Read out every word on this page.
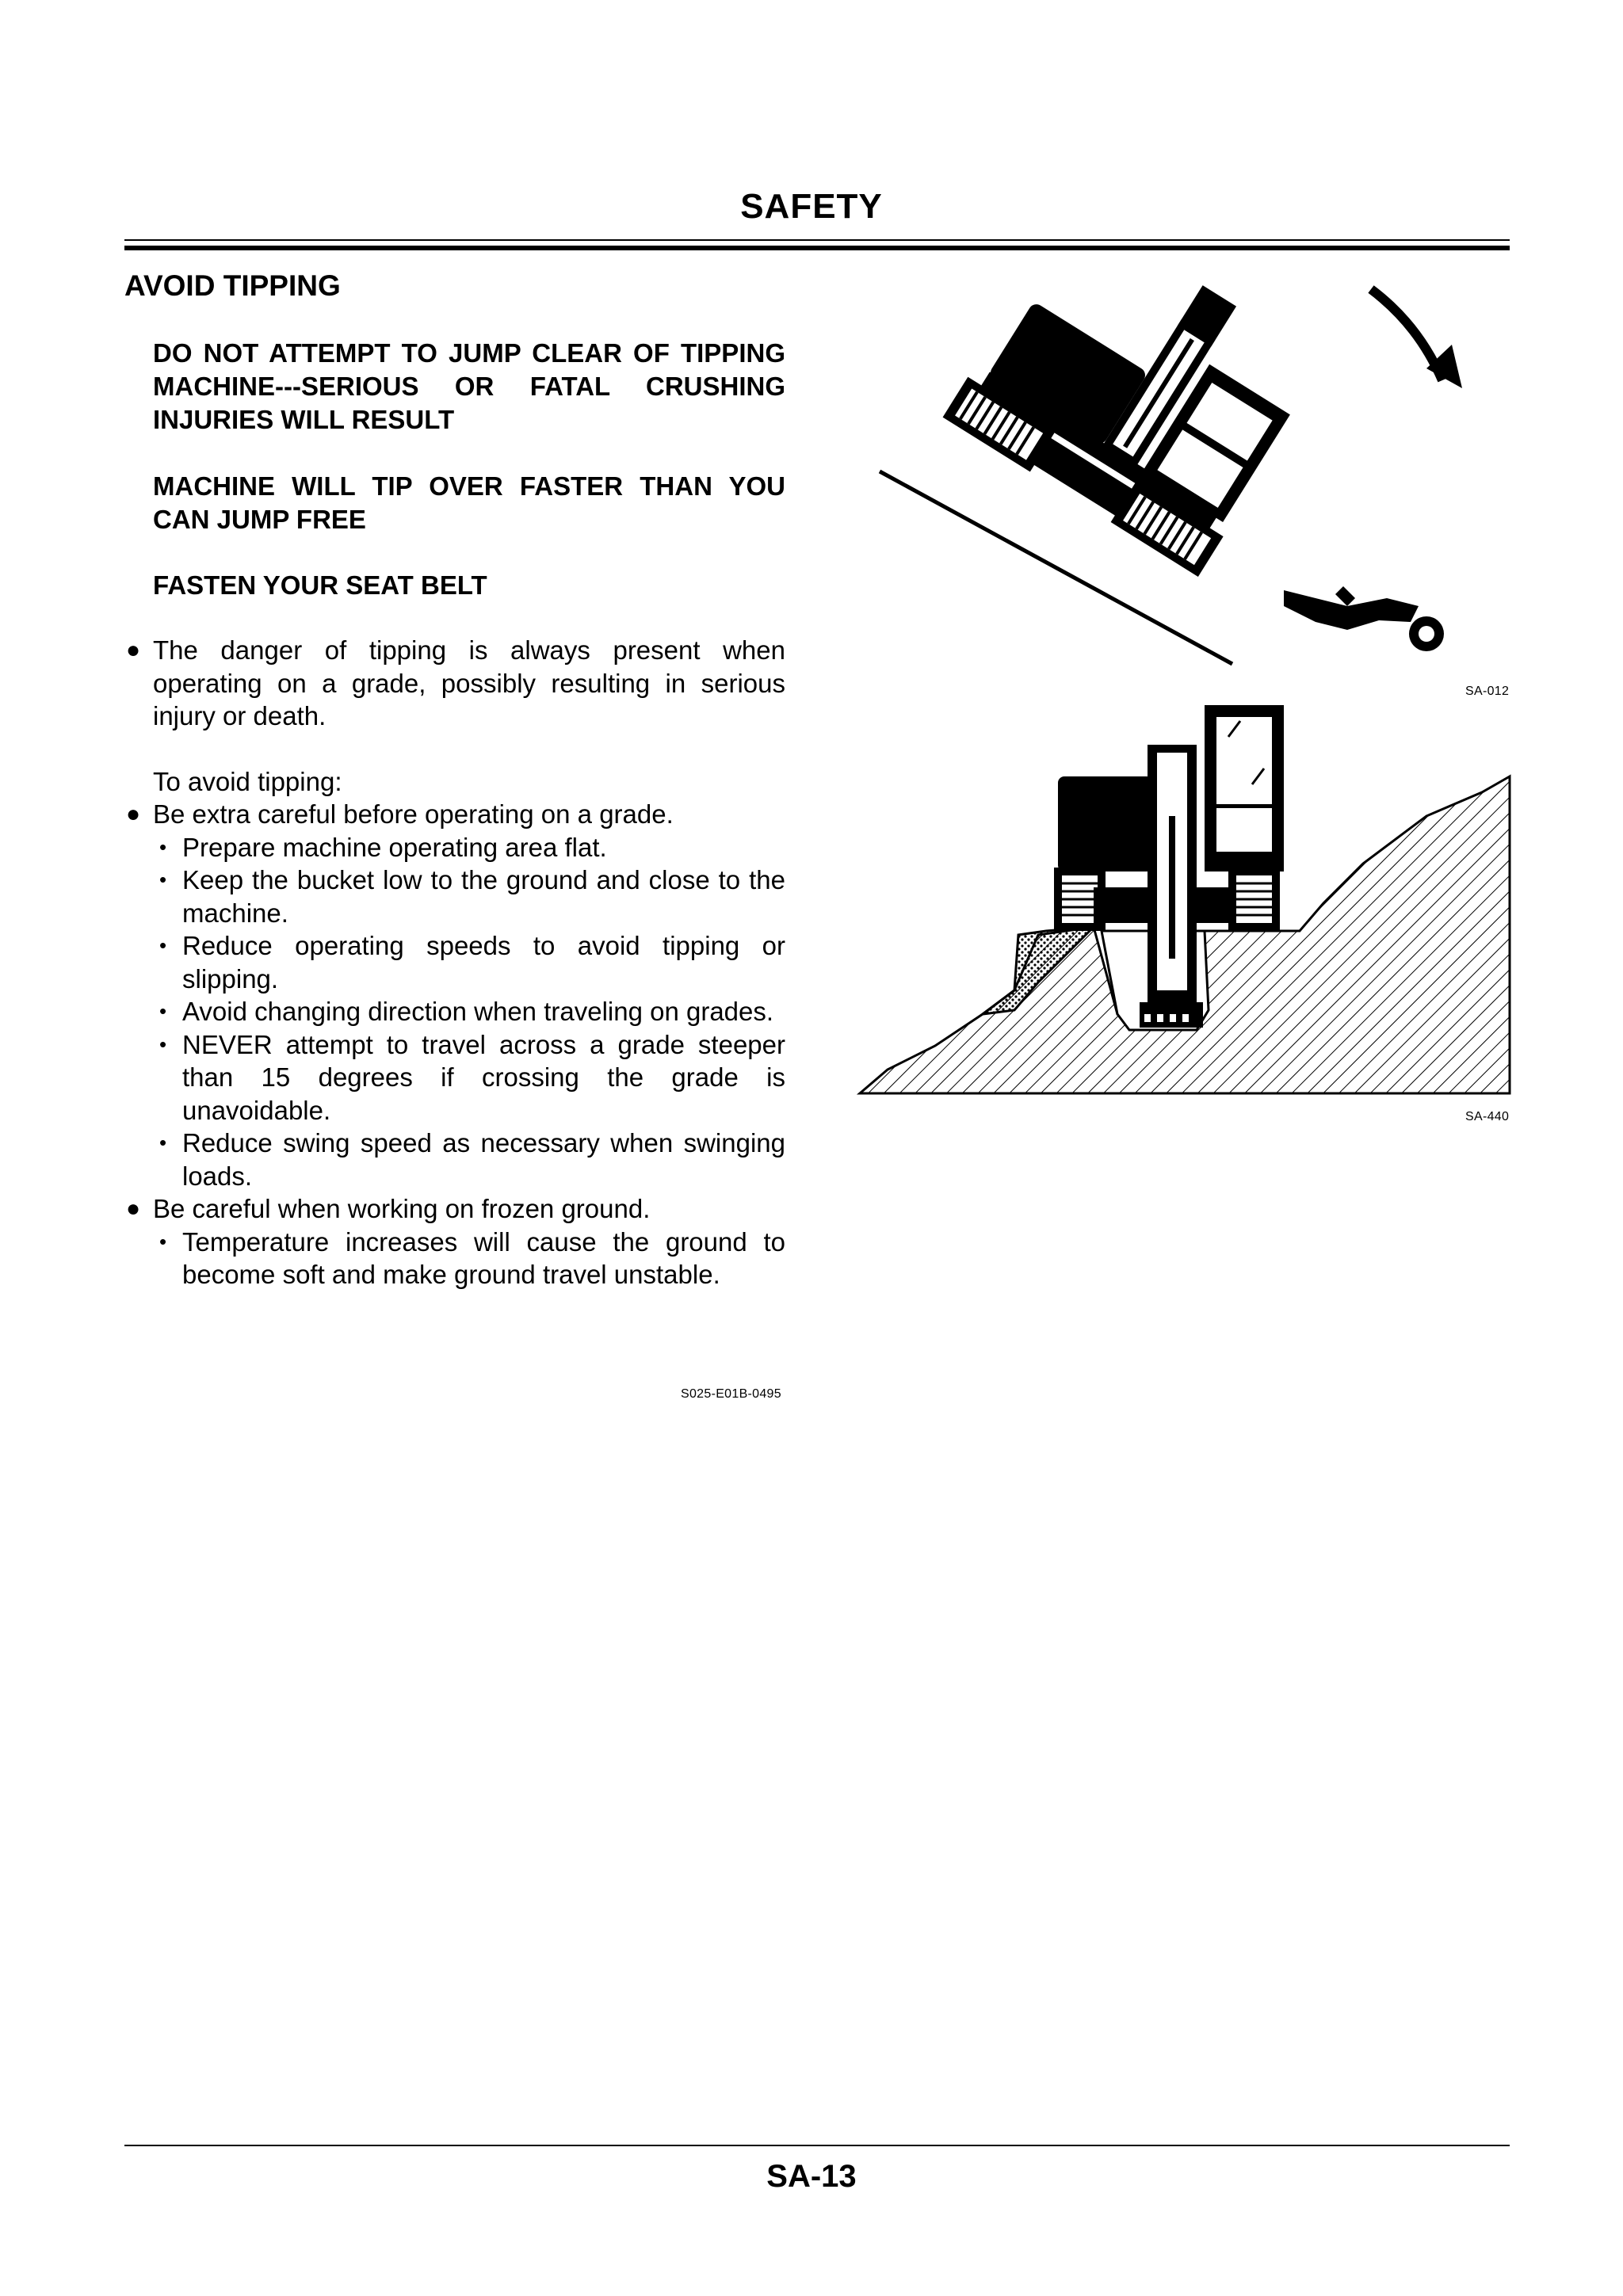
SAFETY
AVOID TIPPING
DO NOT ATTEMPT TO JUMP CLEAR OF TIPPING MACHINE---SERIOUS OR FATAL CRUSHING INJURIES WILL RESULT
MACHINE WILL TIP OVER FASTER THAN YOU CAN JUMP FREE
FASTEN YOUR SEAT BELT
● The danger of tipping is always present when operating on a grade, possibly resulting in serious injury or death.
To avoid tipping:
● Be extra careful before operating on a grade.
• Prepare machine operating area flat.
• Keep the bucket low to the ground and close to the machine.
• Reduce operating speeds to avoid tipping or slipping.
• Avoid changing direction when traveling on grades.
• NEVER attempt to travel across a grade steeper than 15 degrees if crossing the grade is unavoidable.
• Reduce swing speed as necessary when swinging loads.
● Be careful when working on frozen ground.
• Temperature increases will cause the ground to become soft and make ground travel unstable.
S025-E01B-0495
SA-012
SA-440
SA-13
